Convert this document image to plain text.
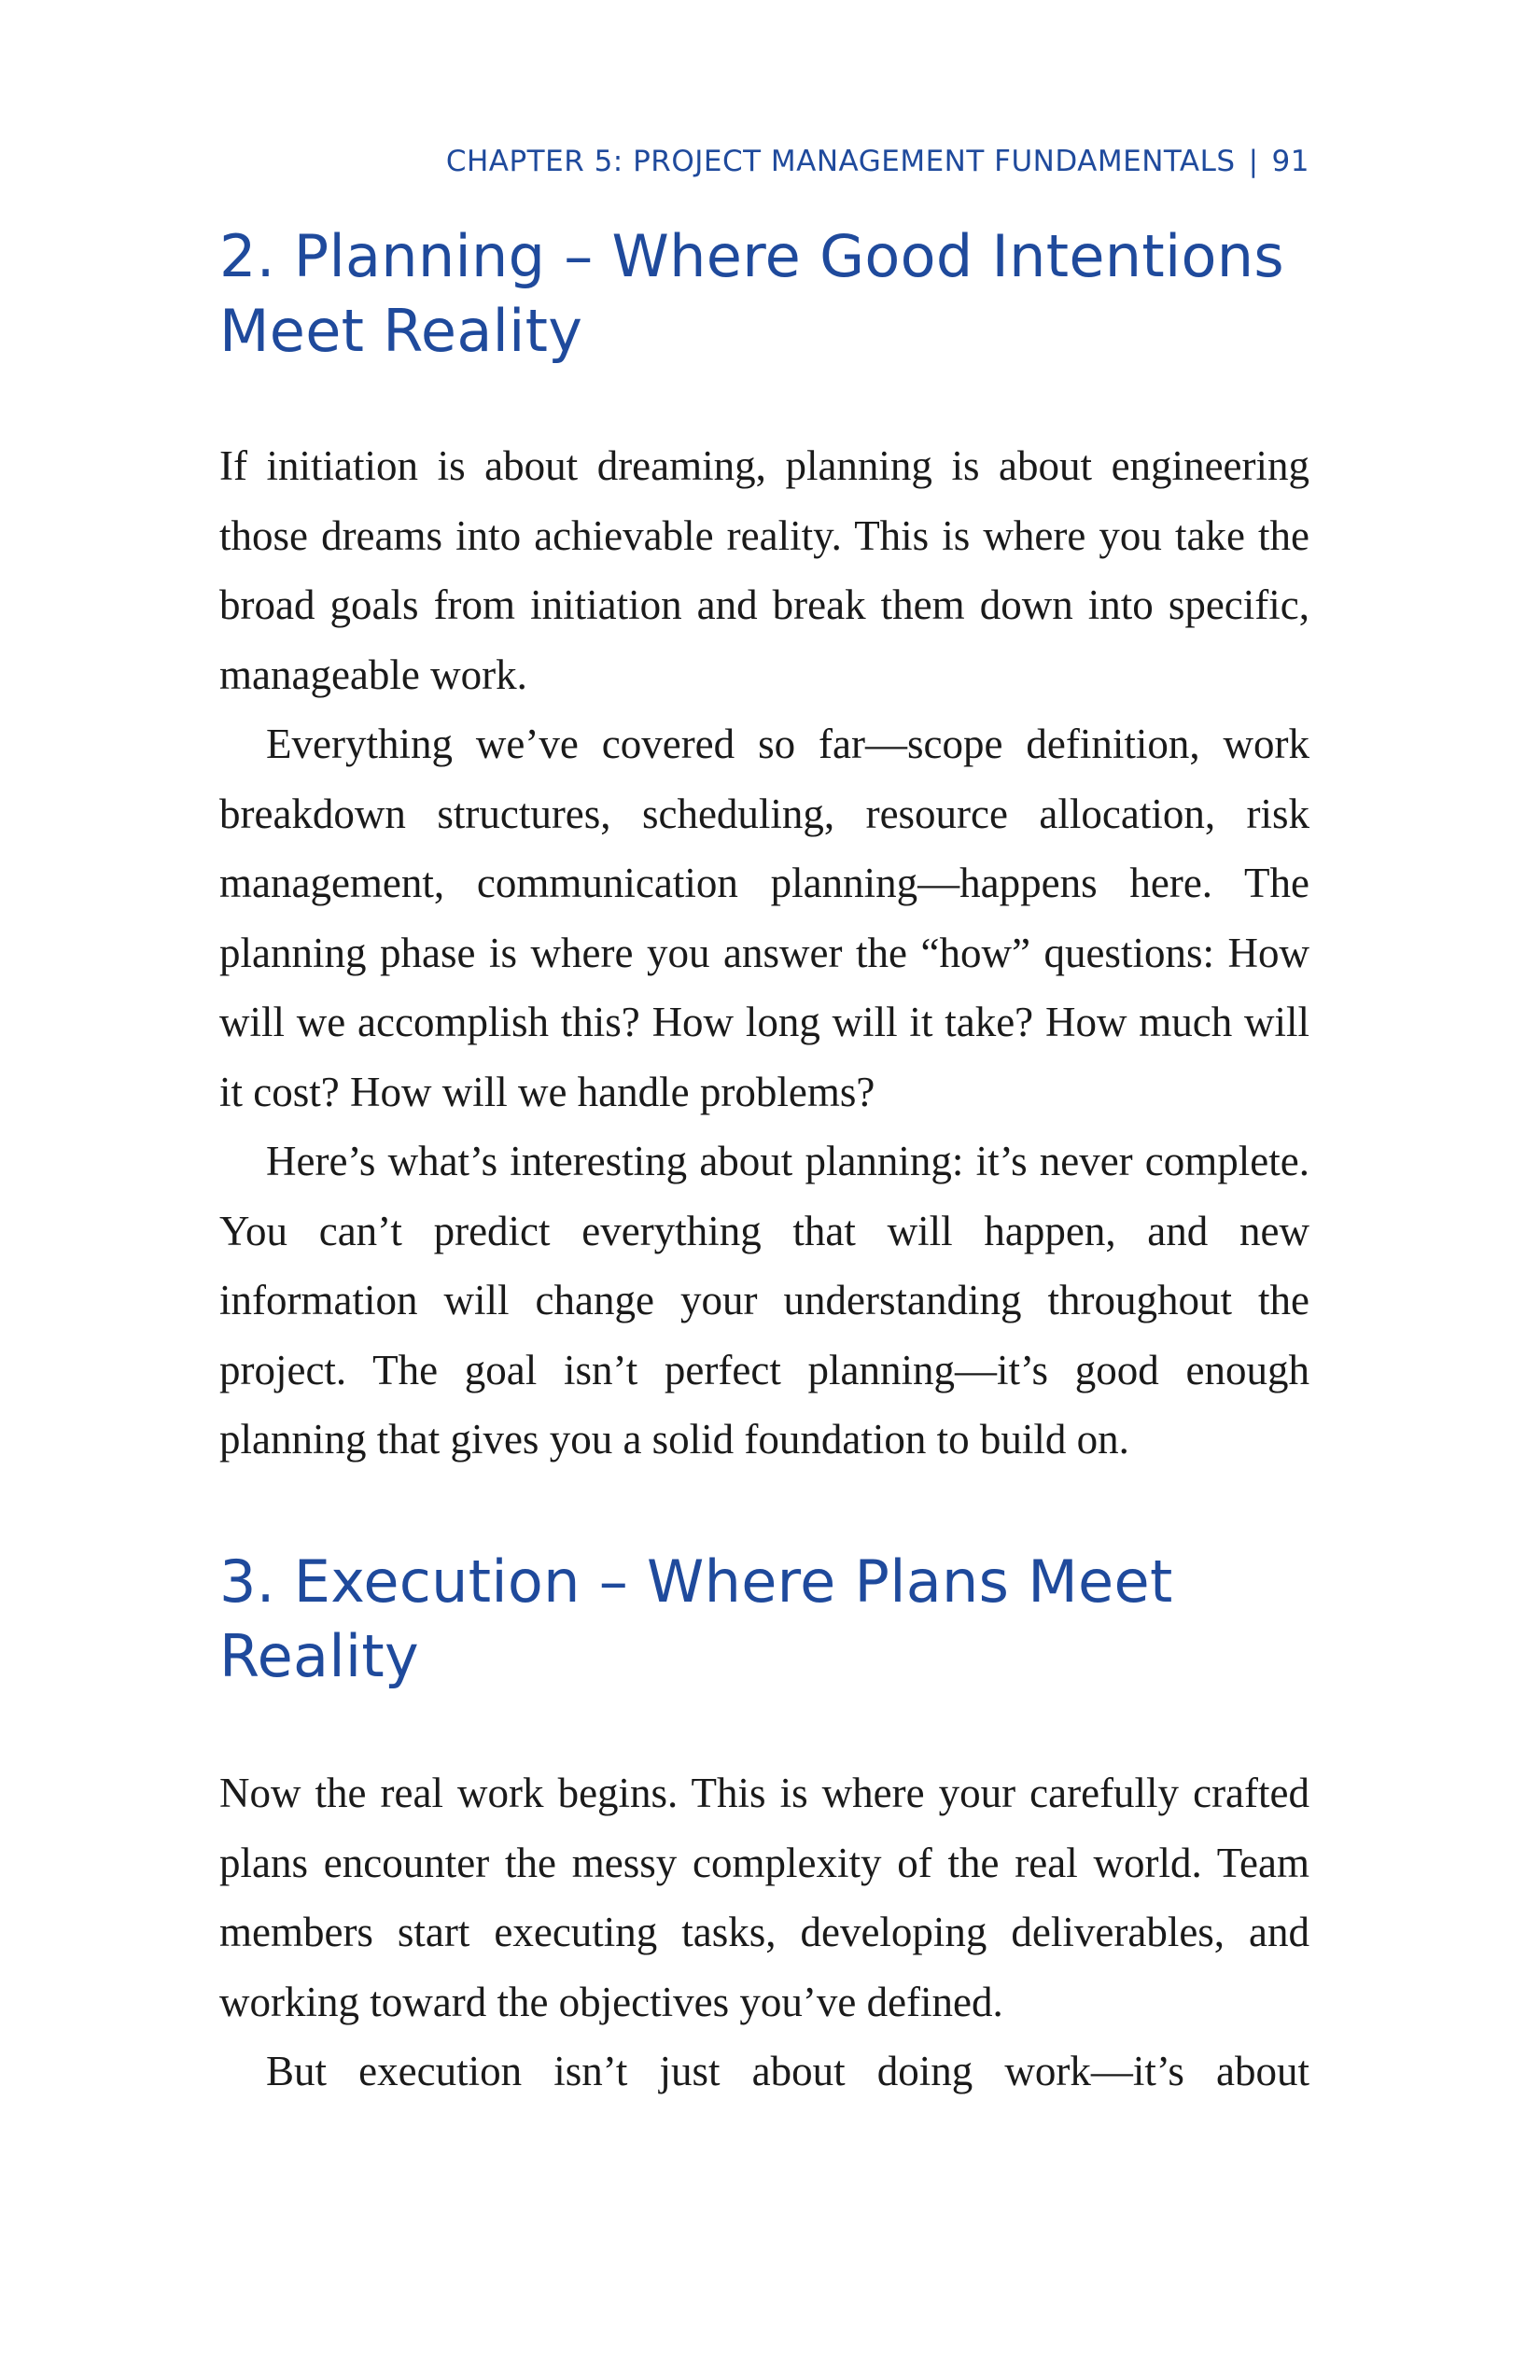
CHAPTER 5: PROJECT MANAGEMENT FUNDAMENTALS | 91
2. Planning – Where Good Intentions Meet Reality

If initiation is about dreaming, planning is about engineering those dreams into achievable reality. This is where you take the broad goals from initiation and break them down into specific, manageable work.

Everything we’ve covered so far—scope definition, work breakdown structures, scheduling, resource allocation, risk management, communication planning—happens here. The planning phase is where you answer the “how” questions: How will we accomplish this? How long will it take? How much will it cost? How will we handle problems?

Here’s what’s interesting about planning: it’s never complete. You can’t predict everything that will happen, and new information will change your understanding throughout the project. The goal isn’t perfect planning—it’s good enough planning that gives you a solid foundation to build on.

3. Execution – Where Plans Meet Reality

Now the real work begins. This is where your carefully crafted plans encounter the messy complexity of the real world. Team members start executing tasks, developing deliverables, and working toward the objectives you’ve defined.

But execution isn’t just about doing work—it’s about
